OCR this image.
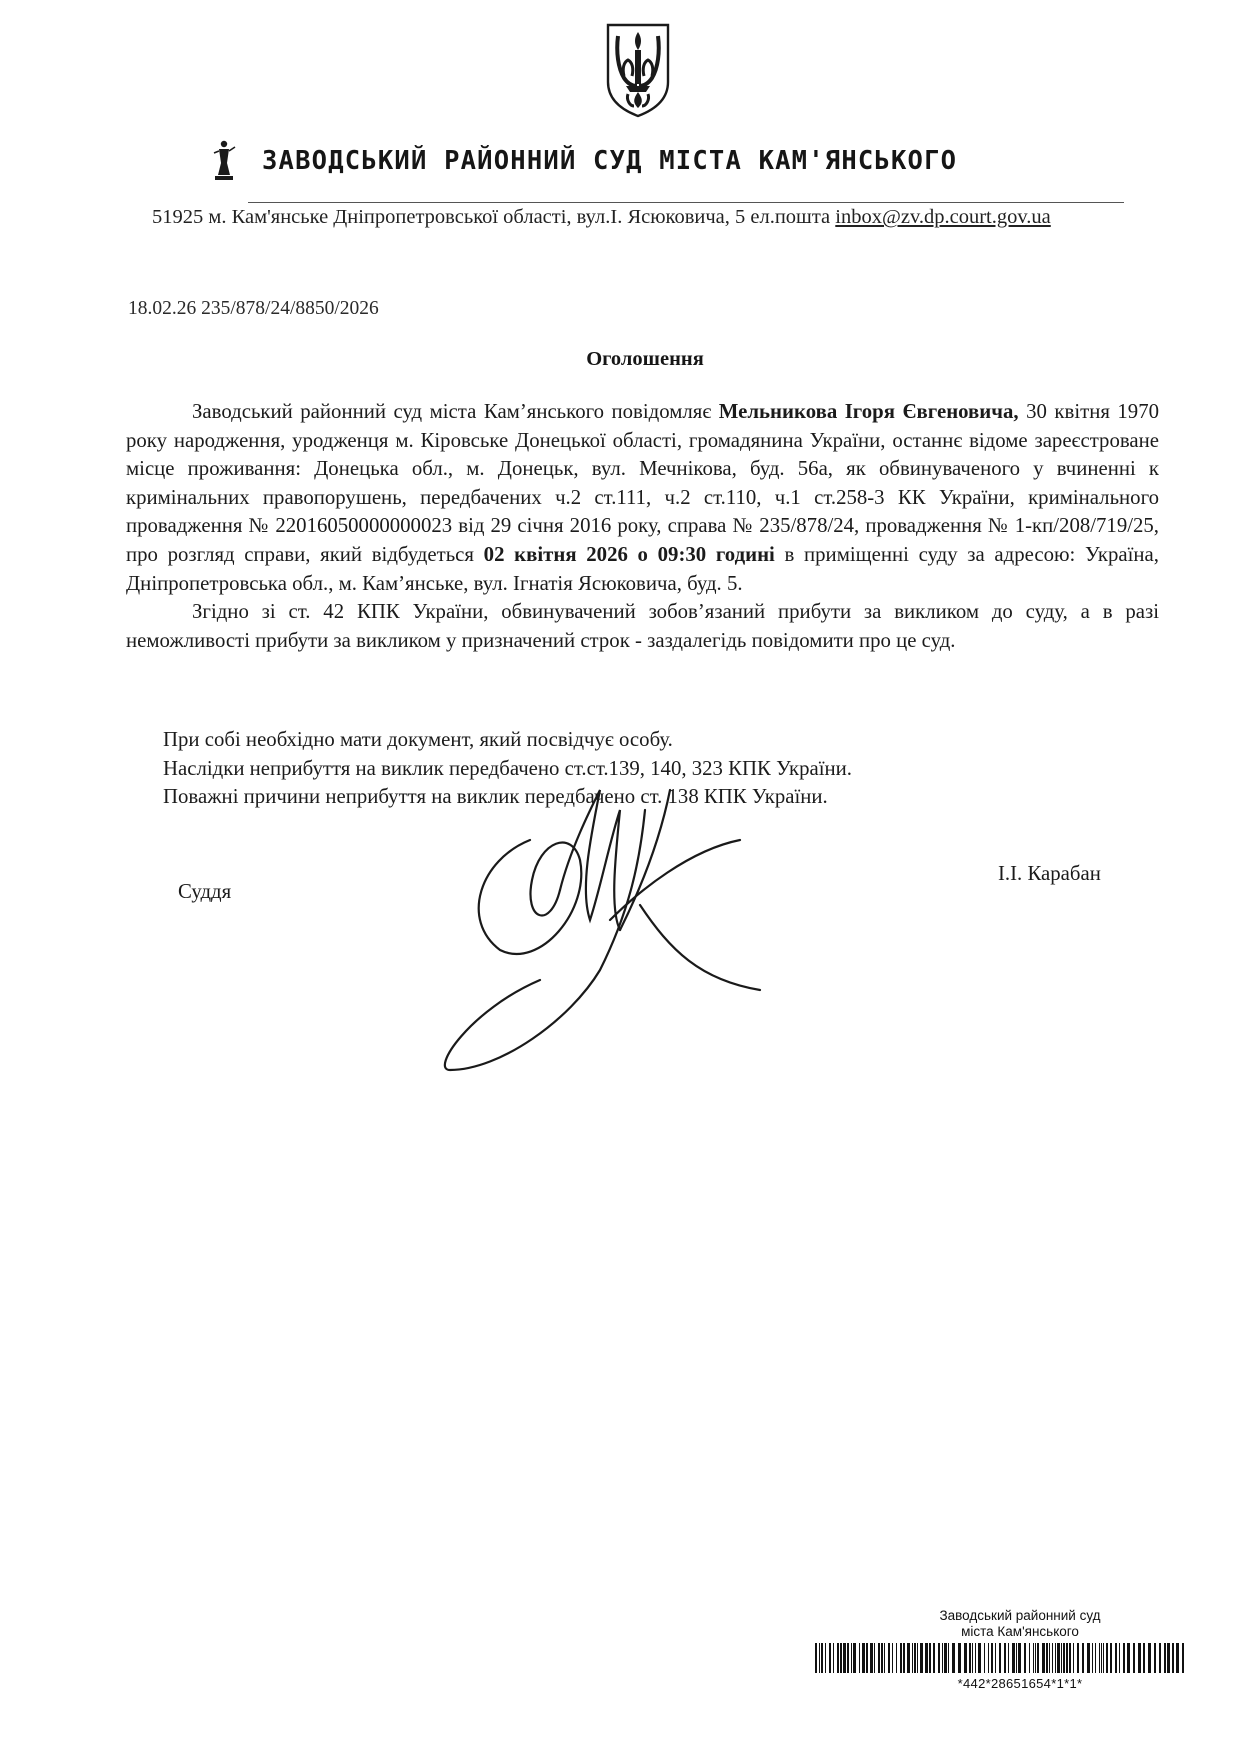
ЗАВОДСЬКИЙ РАЙОННИЙ СУД МІСТА КАМ'ЯНСЬКОГО
51925 м. Кам'янське Дніпропетровської області, вул.І. Ясюковича, 5 ел.пошта inbox@zv.dp.court.gov.ua
18.02.26 235/878/24/8850/2026
Оголошення

Заводський районний суд міста Кам’янського повідомляє Мельникова Ігоря Євгеновича, 30 квітня 1970 року народження, уродженця м. Кіровське Донецької області, громадянина України, останнє відоме зареєстроване місце проживання: Донецька обл., м. Донецьк, вул. Мечнікова, буд. 56а, як обвинуваченого у вчиненні к кримінальних правопорушень, передбачених ч.2 ст.111, ч.2 ст.110, ч.1 ст.258-3 КК України, кримінального провадження № 22016050000000023 від 29 січня 2016 року, справа № 235/878/24, провадження № 1-кп/208/719/25, про розгляд справи, який відбудеться 02 квітня 2026 о 09:30 годині в приміщенні суду за адресою: Україна, Дніпропетровська обл., м. Кам’янське, вул. Ігнатія Ясюковича, буд. 5.

Згідно зі ст. 42 КПК України, обвинувачений зобов’язаний прибути за викликом до суду, а в разі неможливості прибути за викликом у призначений строк - заздалегідь повідомити про це суд.

При собі необхідно мати документ, який посвідчує особу.
Наслідки неприбуття на виклик передбачено ст.ст.139, 140, 323 КПК України.
Поважні причини неприбуття на виклик передбачено ст. 138 КПК України.
Суддя
І.І. Карабан
Заводський районний суд
міста Кам'янського
*442*28651654*1*1*
